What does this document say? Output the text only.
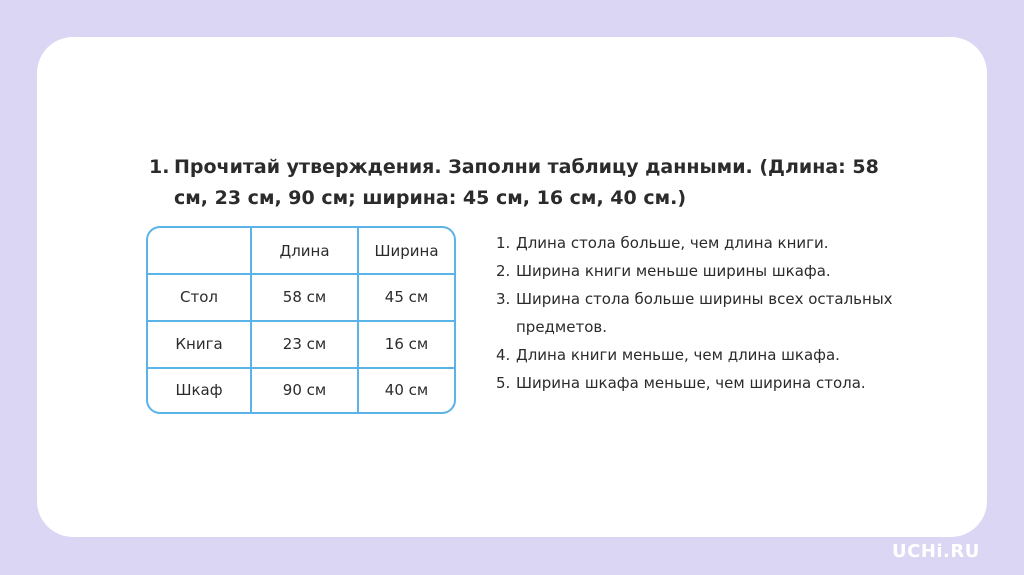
1. Прочитай утверждения. Заполни таблицу данными. (Длина: 58 см, 23 см, 90 см; ширина: 45 см, 16 см, 40 см.)
	Длина	Ширина
Стол	58 см	45 см
Книга	23 см	16 см
Шкаф	90 см	40 см
1. Длина стола больше, чем длина книги.
2. Ширина книги меньше ширины шкафа.
3. Ширина стола больше ширины всех остальных предметов.
4. Длина книги меньше, чем длина шкафа.
5. Ширина шкафа меньше, чем ширина стола.
UCHi.RU
